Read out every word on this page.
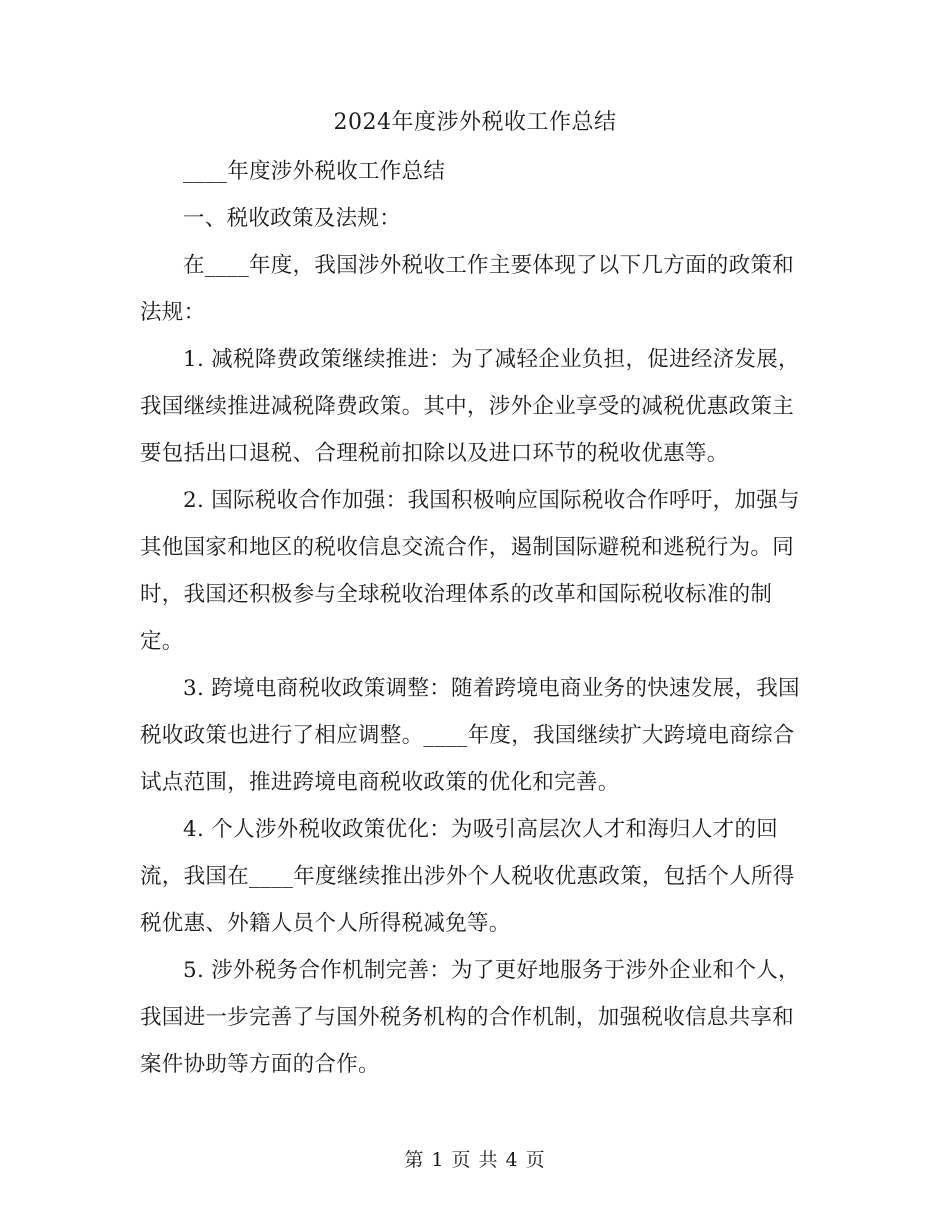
2024年度涉外税收工作总结

____年度涉外税收工作总结

一、税收政策及法规：

在____年度，我国涉外税收工作主要体现了以下几方面的政策和法规：

1. 减税降费政策继续推进：为了减轻企业负担，促进经济发展，我国继续推进减税降费政策。其中，涉外企业享受的减税优惠政策主要包括出口退税、合理税前扣除以及进口环节的税收优惠等。

2. 国际税收合作加强：我国积极响应国际税收合作呼吁，加强与其他国家和地区的税收信息交流合作，遏制国际避税和逃税行为。同时，我国还积极参与全球税收治理体系的改革和国际税收标准的制定。

3. 跨境电商税收政策调整：随着跨境电商业务的快速发展，我国税收政策也进行了相应调整。____年度，我国继续扩大跨境电商综合试点范围，推进跨境电商税收政策的优化和完善。

4. 个人涉外税收政策优化：为吸引高层次人才和海归人才的回流，我国在____年度继续推出涉外个人税收优惠政策，包括个人所得税优惠、外籍人员个人所得税减免等。

5. 涉外税务合作机制完善：为了更好地服务于涉外企业和个人，我国进一步完善了与国外税务机构的合作机制，加强税收信息共享和案件协助等方面的合作。

第 1 页 共 4 页
